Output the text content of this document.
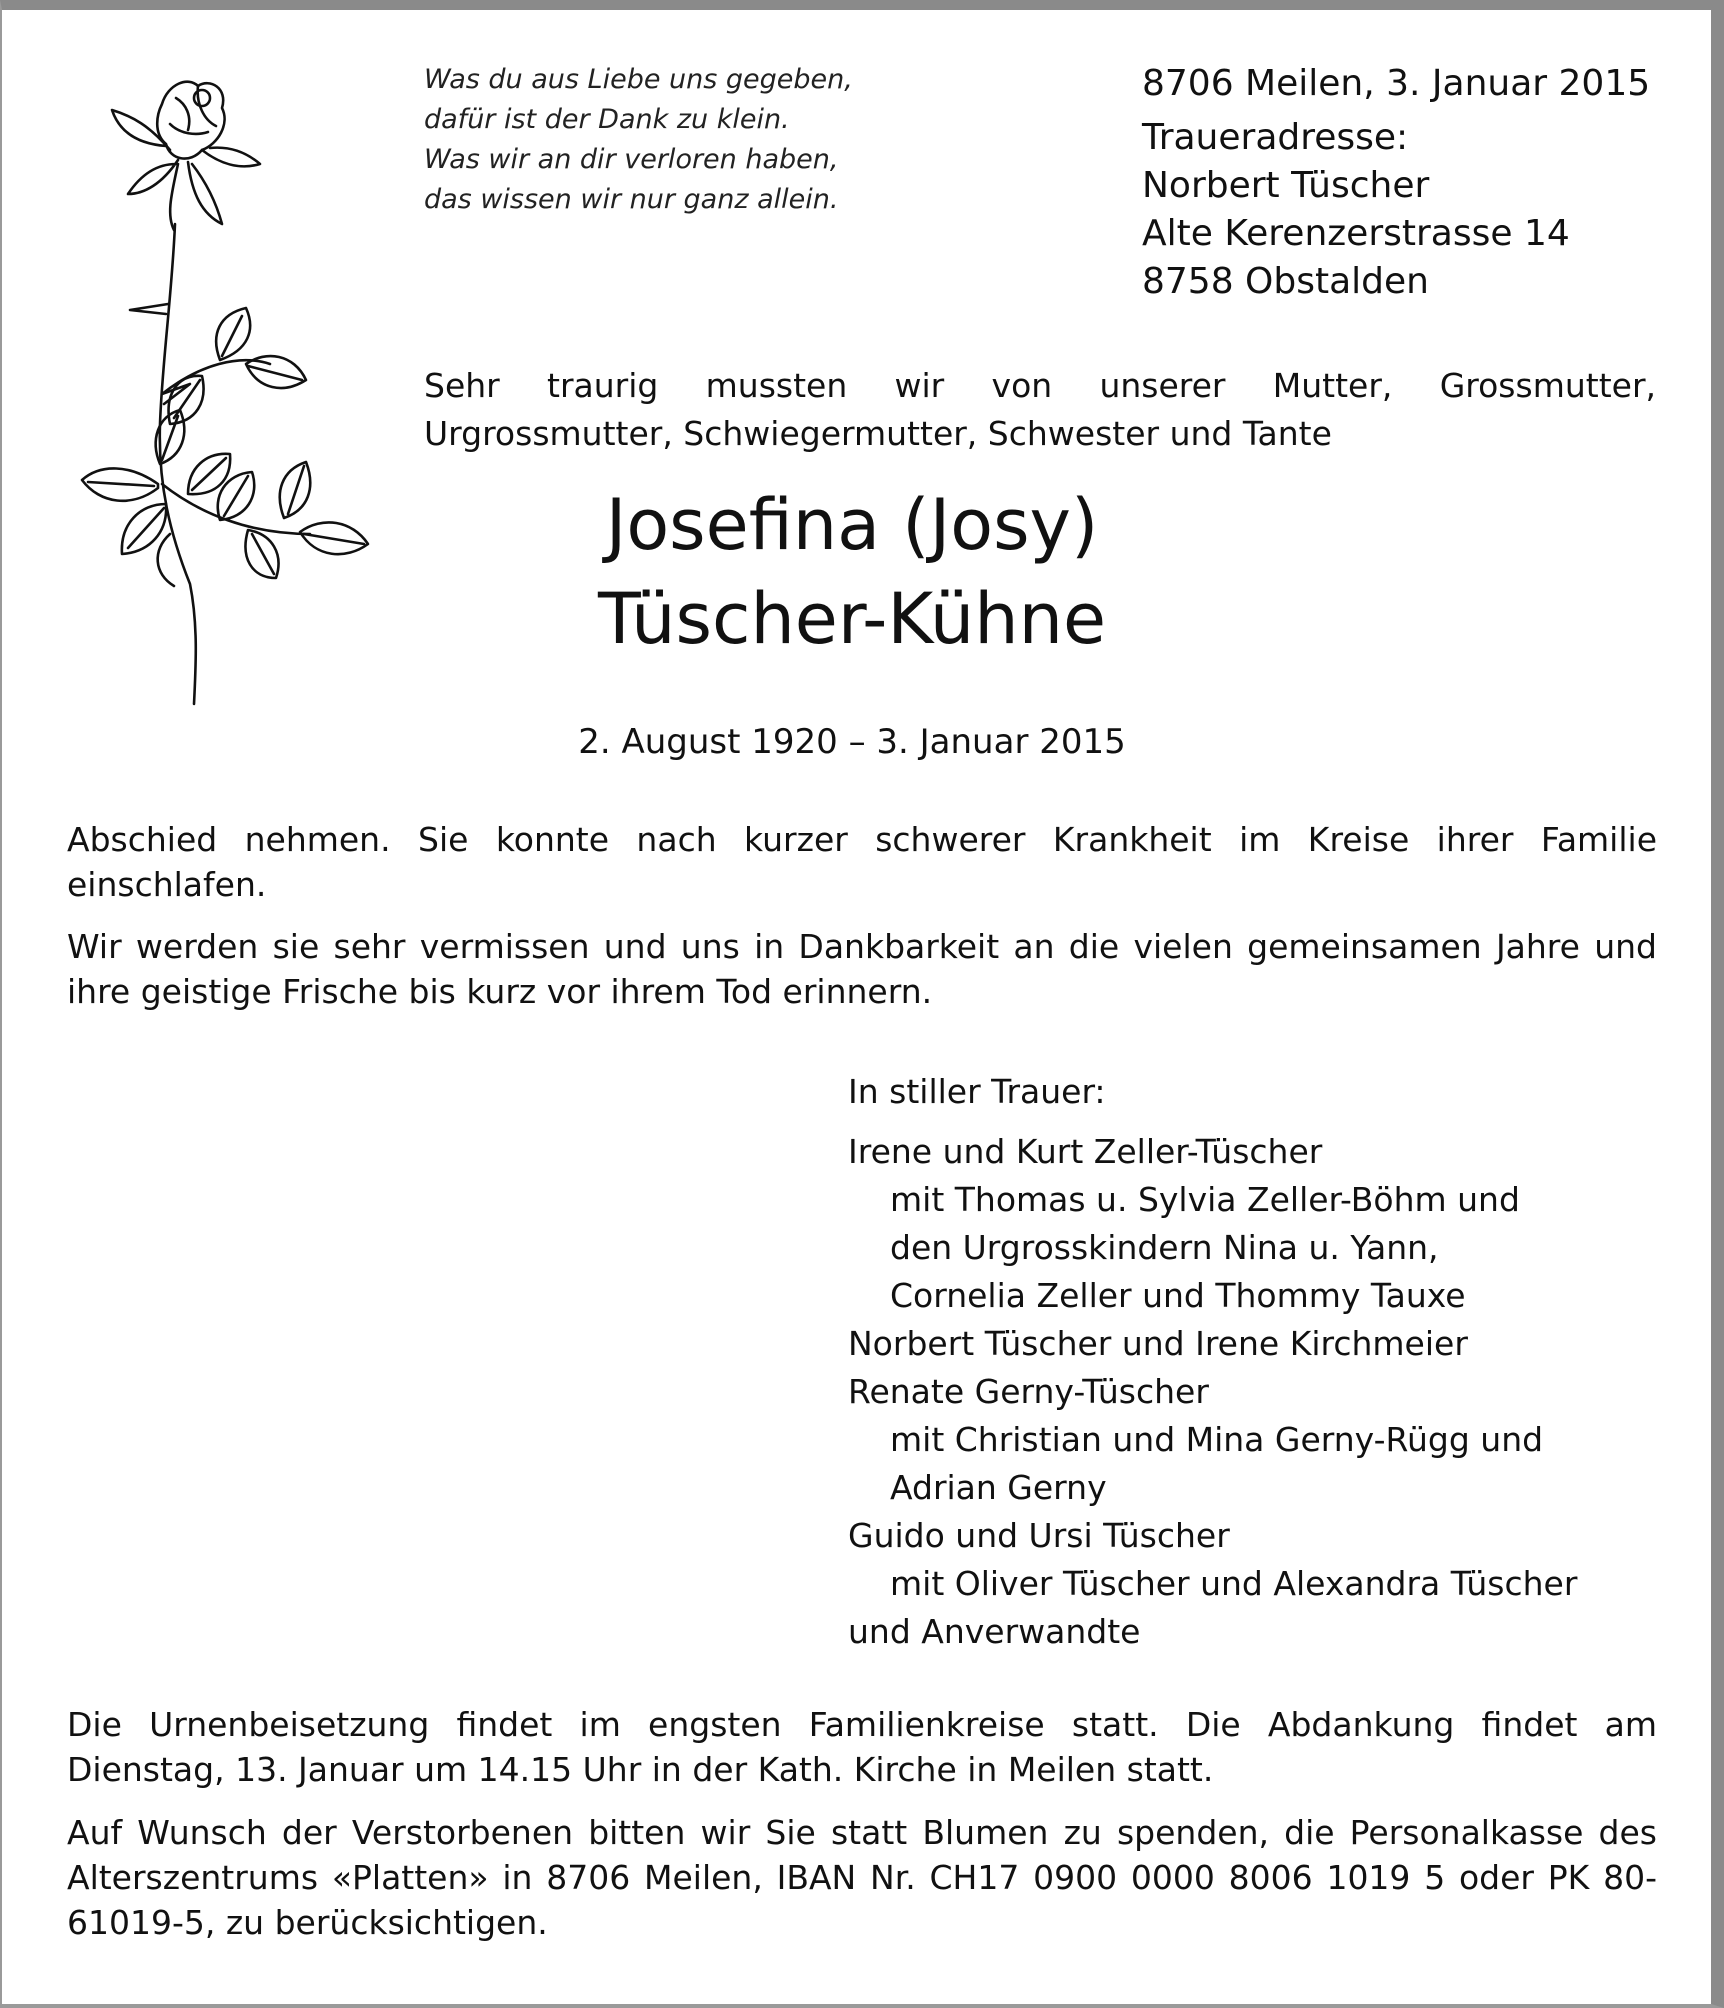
Was du aus Liebe uns gegeben,
dafür ist der Dank zu klein.
Was wir an dir verloren haben,
das wissen wir nur ganz allein.
8706 Meilen, 3. Januar 2015
Traueradresse:
Norbert Tüscher
Alte Kerenzerstrasse 14
8758 Obstalden
Sehr traurig mussten wir von unserer Mutter, Grossmutter, Urgrossmutter, Schwiegermutter, Schwester und Tante
Josefina (Josy)
Tüscher-Kühne
2. August 1920 – 3. Januar 2015
Abschied nehmen. Sie konnte nach kurzer schwerer Krankheit im Kreise ihrer Familie einschlafen.
Wir werden sie sehr vermissen und uns in Dankbarkeit an die vielen gemeinsamen Jahre und ihre geistige Frische bis kurz vor ihrem Tod erinnern.
In stiller Trauer:
Irene und Kurt Zeller-Tüscher
mit Thomas u. Sylvia Zeller-Böhm und
den Urgrosskindern Nina u. Yann,
Cornelia Zeller und Thommy Tauxe
Norbert Tüscher und Irene Kirchmeier
Renate Gerny-Tüscher
mit Christian und Mina Gerny-Rügg und
Adrian Gerny
Guido und Ursi Tüscher
mit Oliver Tüscher und Alexandra Tüscher
und Anverwandte
Die Urnenbeisetzung findet im engsten Familienkreise statt. Die Abdankung findet am Dienstag, 13. Januar um 14.15 Uhr in der Kath. Kirche in Meilen statt.
Auf Wunsch der Verstorbenen bitten wir Sie statt Blumen zu spenden, die Personalkasse des Alterszentrums «Platten» in 8706 Meilen, IBAN Nr. CH17 0900 0000 8006 1019 5 oder PK 80-61019-5, zu berücksichtigen.
